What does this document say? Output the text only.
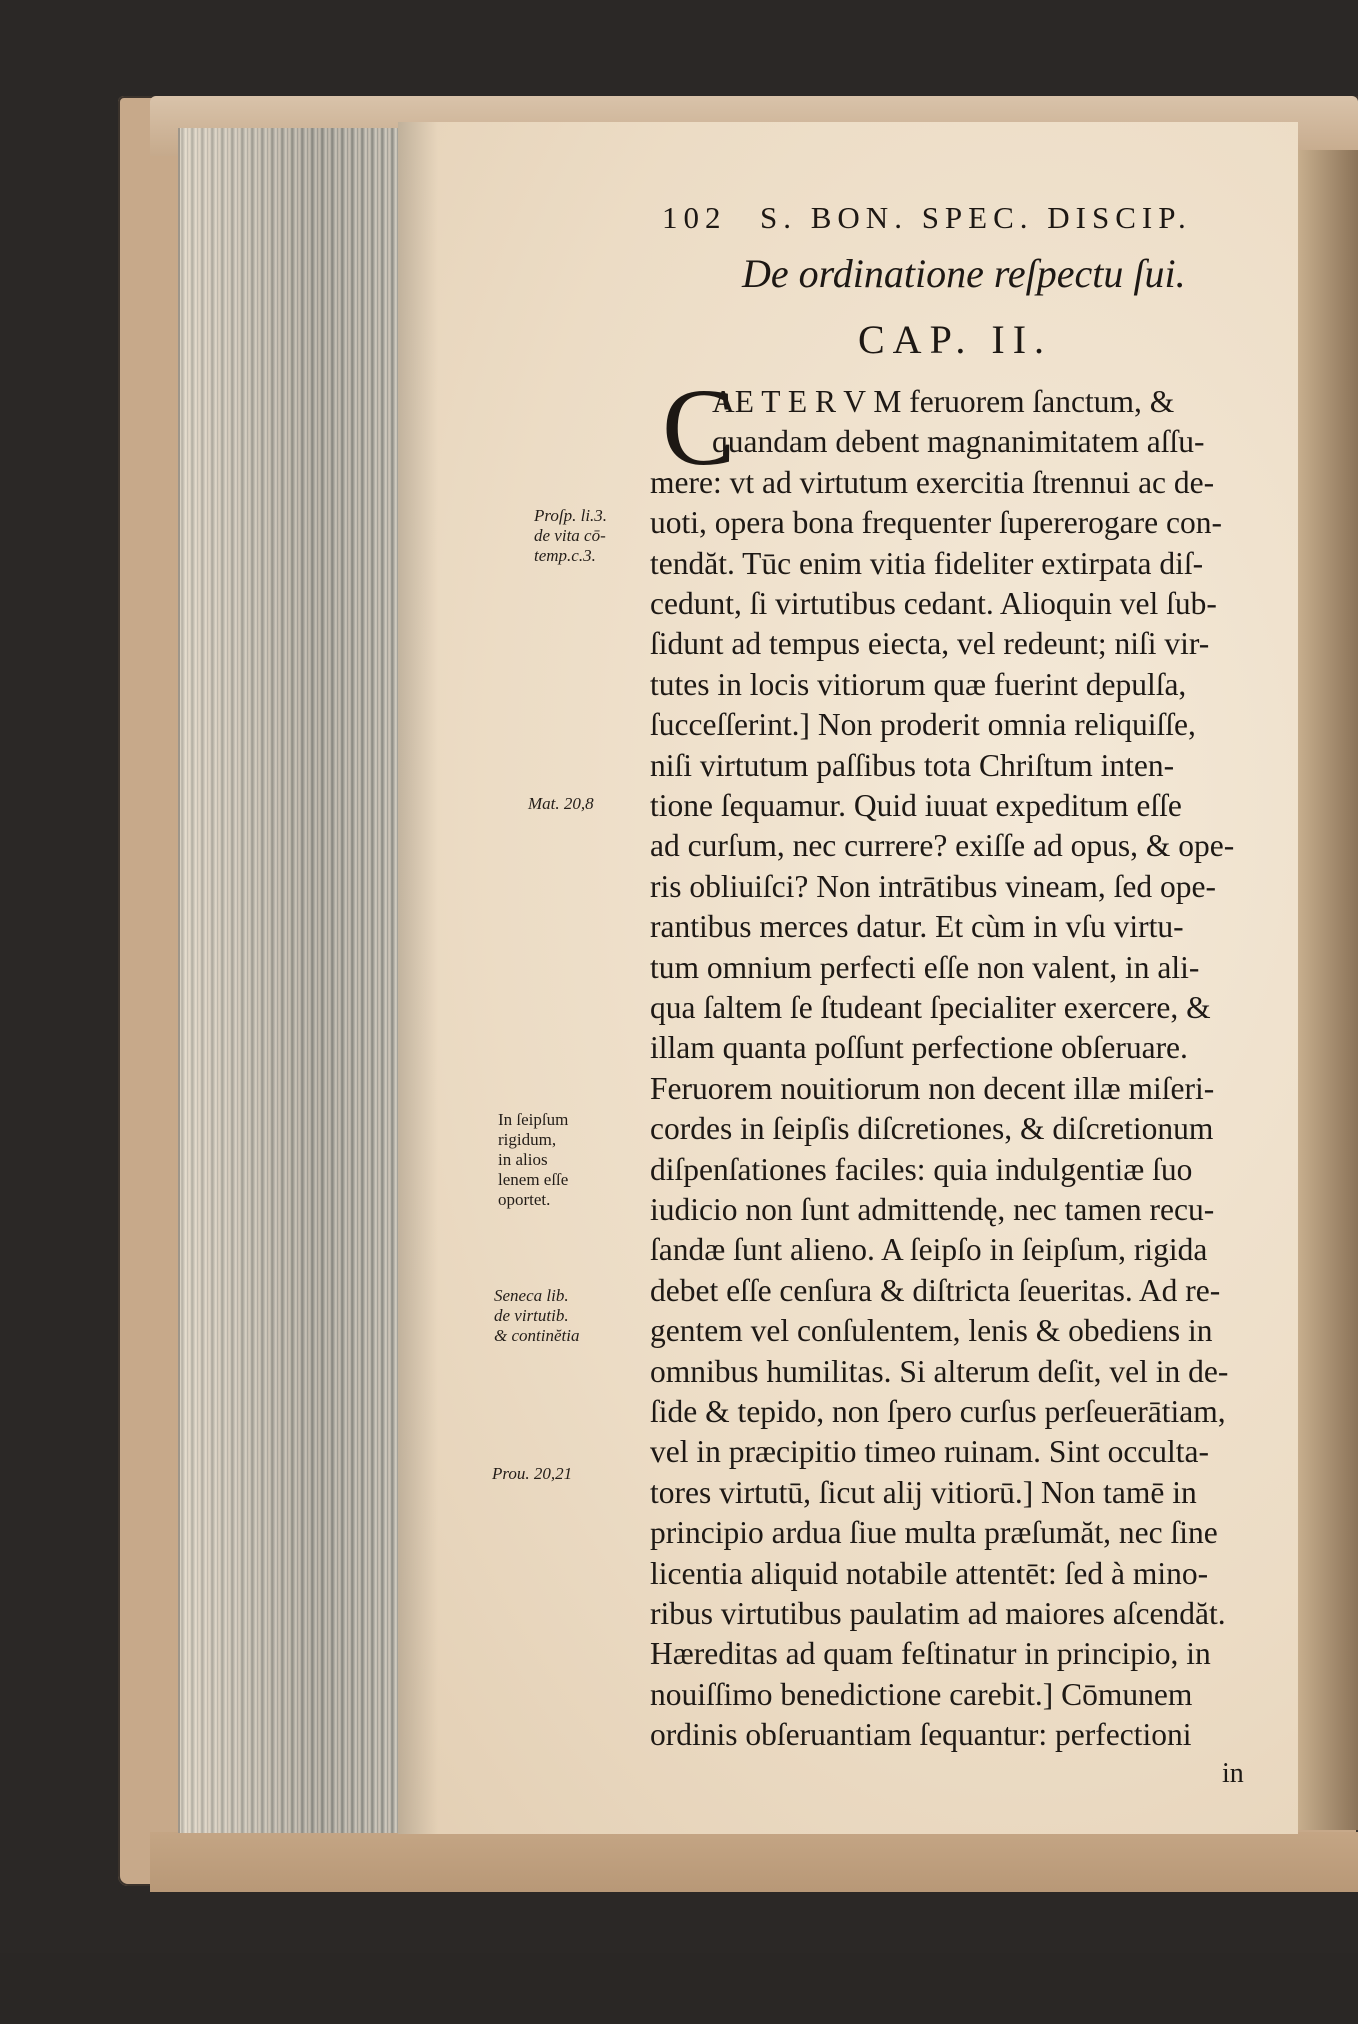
102 S. BON. SPEC. DISCIP.
De ordinatione reſpectu ſui.
CAP. II.
C
AE T E R V M feruorem ſanctum, &
quandam debent magnanimitatem aſſu-
mere: vt ad virtutum exercitia ſtrennui ac de-
uoti, opera bona frequenter ſupererogare con-
tendăt. Tūc enim vitia fideliter extirpata diſ-
cedunt, ſi virtutibus cedant. Alioquin vel ſub-
ſidunt ad tempus eiecta, vel redeunt; niſi vir-
tutes in locis vitiorum quæ fuerint depulſa,
ſucceſſerint.] Non proderit omnia reliquiſſe,
niſi virtutum paſſibus tota Chriſtum inten-
tione ſequamur. Quid iuuat expeditum eſſe
ad curſum, nec currere? exiſſe ad opus, & ope-
ris obliuiſci? Non intrātibus vineam, ſed ope-
rantibus merces datur. Et cùm in vſu virtu-
tum omnium perfecti eſſe non valent, in ali-
qua ſaltem ſe ſtudeant ſpecialiter exercere, &
illam quanta poſſunt perfectione obſeruare.
Feruorem nouitiorum non decent illæ miſeri-
cordes in ſeipſis diſcretiones, & diſcretionum
diſpenſationes faciles: quia indulgentiæ ſuo
iudicio non ſunt admittendę, nec tamen recu-
ſandæ ſunt alieno. A ſeipſo in ſeipſum, rigida
debet eſſe cenſura & diſtricta ſeueritas. Ad re-
gentem vel conſulentem, lenis & obediens in
omnibus humilitas. Si alterum deſit, vel in de-
ſide & tepido, non ſpero curſus perſeuerātiam,
vel in præcipitio timeo ruinam. Sint occulta-
tores virtutū, ſicut alij vitiorū.] Non tamē in
principio ardua ſiue multa præſumăt, nec ſine
licentia aliquid notabile attentēt: ſed à mino-
ribus virtutibus paulatim ad maiores aſcendăt.
Hæreditas ad quam feſtinatur in principio, in
nouiſſimo benedictione carebit.] Cōmunem
ordinis obſeruantiam ſequantur: perfectioni
in
Proſp. li.3.
de vita cō-
temp.c.3.
Mat. 20,8
In ſeipſum
rigidum,
in alios
lenem eſſe
oportet.
Seneca lib.
de virtutib.
& continĕtia
Prou. 20,21
